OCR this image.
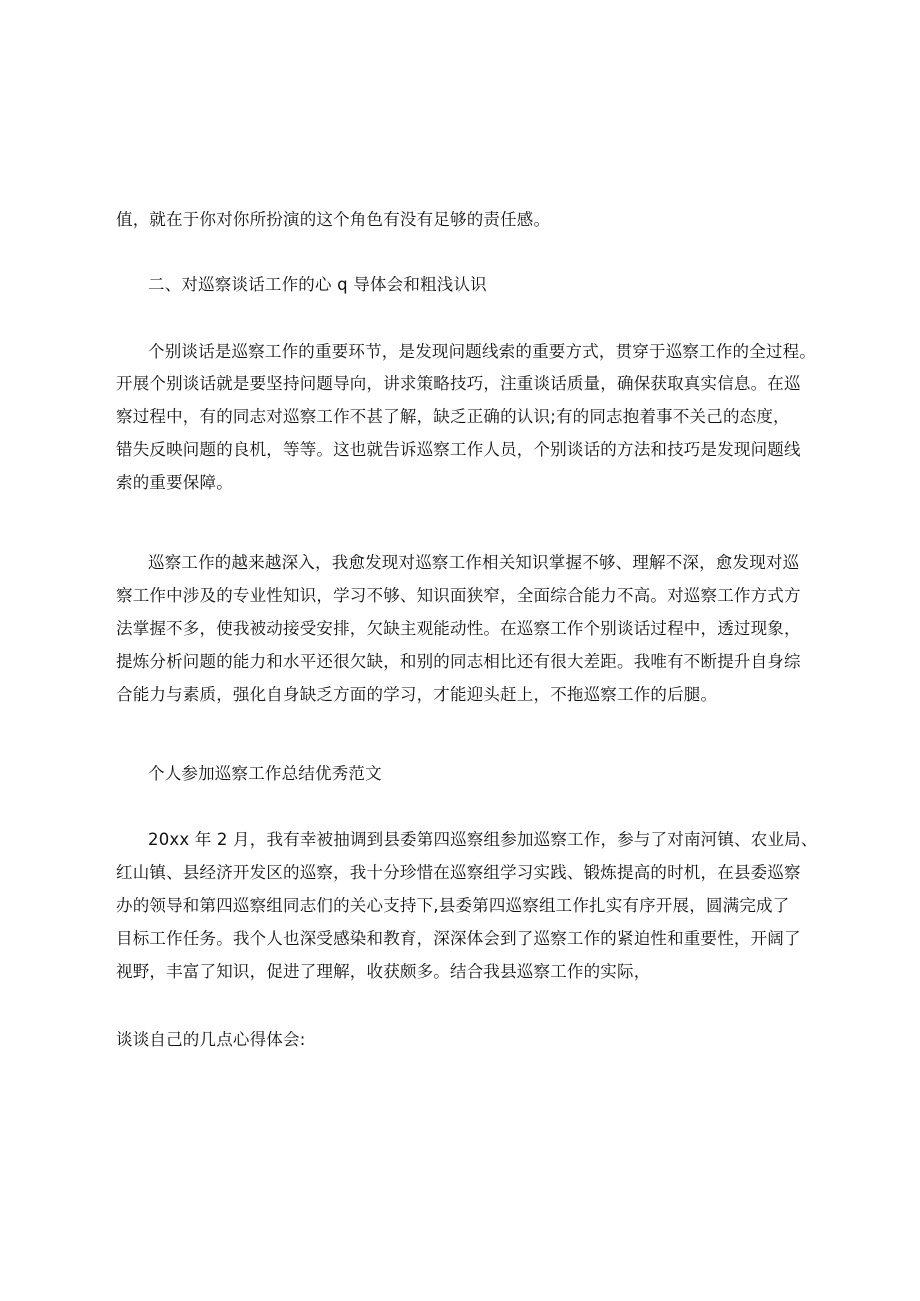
值，就在于你对你所扮演的这个角色有没有足够的责任感。
二、对巡察谈话工作的心 q 导体会和粗浅认识
个别谈话是巡察工作的重要环节，是发现问题线索的重要方式，贯穿于巡察工作的全过程。
开展个别谈话就是要坚持问题导向，讲求策略技巧，注重谈话质量，确保获取真实信息。在巡
察过程中，有的同志对巡察工作不甚了解，缺乏正确的认识;有的同志抱着事不关己的态度，
错失反映问题的良机，等等。这也就告诉巡察工作人员，个别谈话的方法和技巧是发现问题线
索的重要保障。
巡察工作的越来越深入，我愈发现对巡察工作相关知识掌握不够、理解不深，愈发现对巡
察工作中涉及的专业性知识，学习不够、知识面狭窄，全面综合能力不高。对巡察工作方式方
法掌握不多，使我被动接受安排，欠缺主观能动性。在巡察工作个别谈话过程中，透过现象，
提炼分析问题的能力和水平还很欠缺，和别的同志相比还有很大差距。我唯有不断提升自身综
合能力与素质，强化自身缺乏方面的学习，才能迎头赶上，不拖巡察工作的后腿。
个人参加巡察工作总结优秀范文
20xx 年 2 月，我有幸被抽调到县委第四巡察组参加巡察工作，参与了对南河镇、农业局、
红山镇、县经济开发区的巡察，我十分珍惜在巡察组学习实践、锻炼提高的时机，在县委巡察
办的领导和第四巡察组同志们的关心支持下,县委第四巡察组工作扎实有序开展，圆满完成了
目标工作任务。我个人也深受感染和教育，深深体会到了巡察工作的紧迫性和重要性，开阔了
视野，丰富了知识，促进了理解，收获颇多。结合我县巡察工作的实际，
谈谈自己的几点心得体会:
